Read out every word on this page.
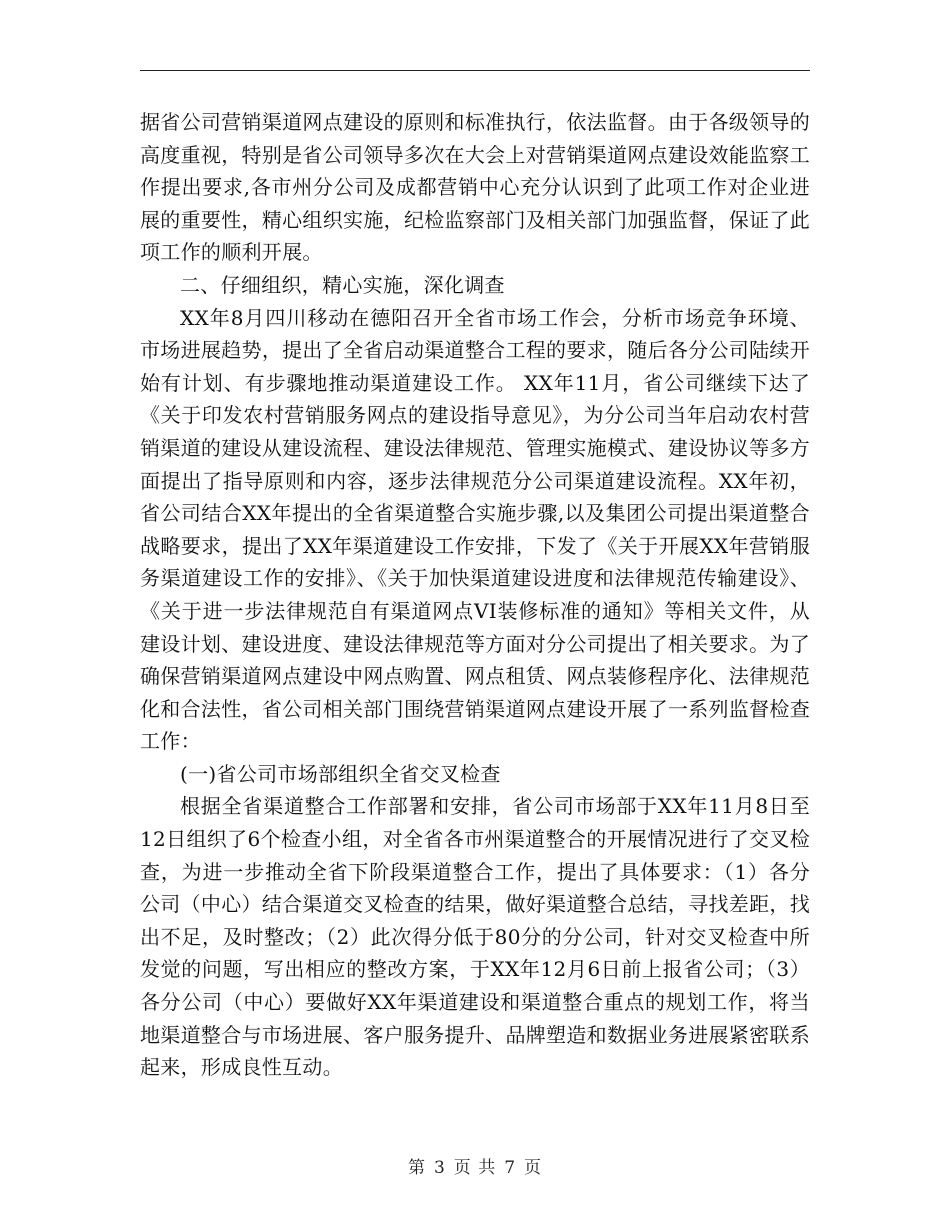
据省公司营销渠道网点建设的原则和标准执行，依法监督。由于各级领导的高度重视，特别是省公司领导多次在大会上对营销渠道网点建设效能监察工作提出要求,各市州分公司及成都营销中心充分认识到了此项工作对企业进展的重要性，精心组织实施，纪检监察部门及相关部门加强监督，保证了此项工作的顺利开展。

二、仔细组织，精心实施，深化调查

XX年8月四川移动在德阳召开全省市场工作会，分析市场竞争环境、市场进展趋势，提出了全省启动渠道整合工程的要求，随后各分公司陆续开始有计划、有步骤地推动渠道建设工作。 XX年11月，省公司继续下达了《关于印发农村营销服务网点的建设指导意见》，为分公司当年启动农村营销渠道的建设从建设流程、建设法律规范、管理实施模式、建设协议等多方面提出了指导原则和内容，逐步法律规范分公司渠道建设流程。XX年初，省公司结合XX年提出的全省渠道整合实施步骤,以及集团公司提出渠道整合战略要求，提出了XX年渠道建设工作安排，下发了《关于开展XX年营销服务渠道建设工作的安排》、《关于加快渠道建设进度和法律规范传输建设》、《关于进一步法律规范自有渠道网点VI装修标准的通知》等相关文件，从建设计划、建设进度、建设法律规范等方面对分公司提出了相关要求。为了确保营销渠道网点建设中网点购置、网点租赁、网点装修程序化、法律规范化和合法性，省公司相关部门围绕营销渠道网点建设开展了一系列监督检查工作：

(一)省公司市场部组织全省交叉检查

根据全省渠道整合工作部署和安排，省公司市场部于XX年11月8日至12日组织了6个检查小组，对全省各市州渠道整合的开展情况进行了交叉检查，为进一步推动全省下阶段渠道整合工作，提出了具体要求：（1）各分公司（中心）结合渠道交叉检查的结果，做好渠道整合总结，寻找差距，找出不足，及时整改；（2）此次得分低于80分的分公司，针对交叉检查中所发觉的问题，写出相应的整改方案，于XX年12月6日前上报省公司；（3）各分公司（中心）要做好XX年渠道建设和渠道整合重点的规划工作，将当地渠道整合与市场进展、客户服务提升、品牌塑造和数据业务进展紧密联系起来，形成良性互动。

第 3 页 共 7 页
